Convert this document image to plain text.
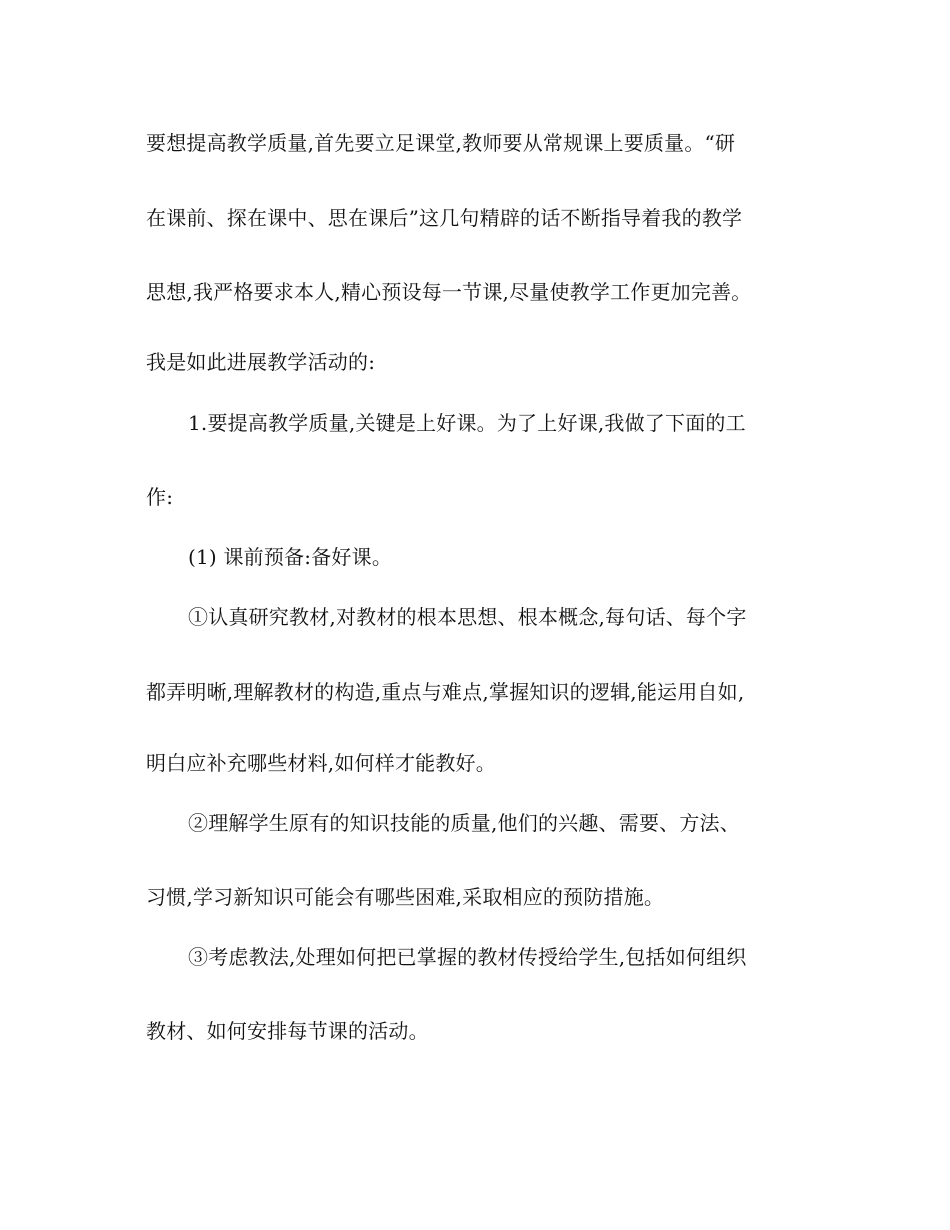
要想提高教学质量,首先要立足课堂,教师要从常规课上要质量。“研
在课前、探在课中、思在课后”这几句精辟的话不断指导着我的教学
思想,我严格要求本人,精心预设每一节课,尽量使教学工作更加完善。
我是如此进展教学活动的:
1.要提高教学质量,关键是上好课。为了上好课,我做了下面的工
作:
(1) 课前预备:备好课。
①认真研究教材,对教材的根本思想、根本概念,每句话、每个字
都弄明晰,理解教材的构造,重点与难点,掌握知识的逻辑,能运用自如,
明白应补充哪些材料,如何样才能教好。
②理解学生原有的知识技能的质量,他们的兴趣、需要、方法、
习惯,学习新知识可能会有哪些困难,采取相应的预防措施。
③考虑教法,处理如何把已掌握的教材传授给学生,包括如何组织
教材、如何安排每节课的活动。
